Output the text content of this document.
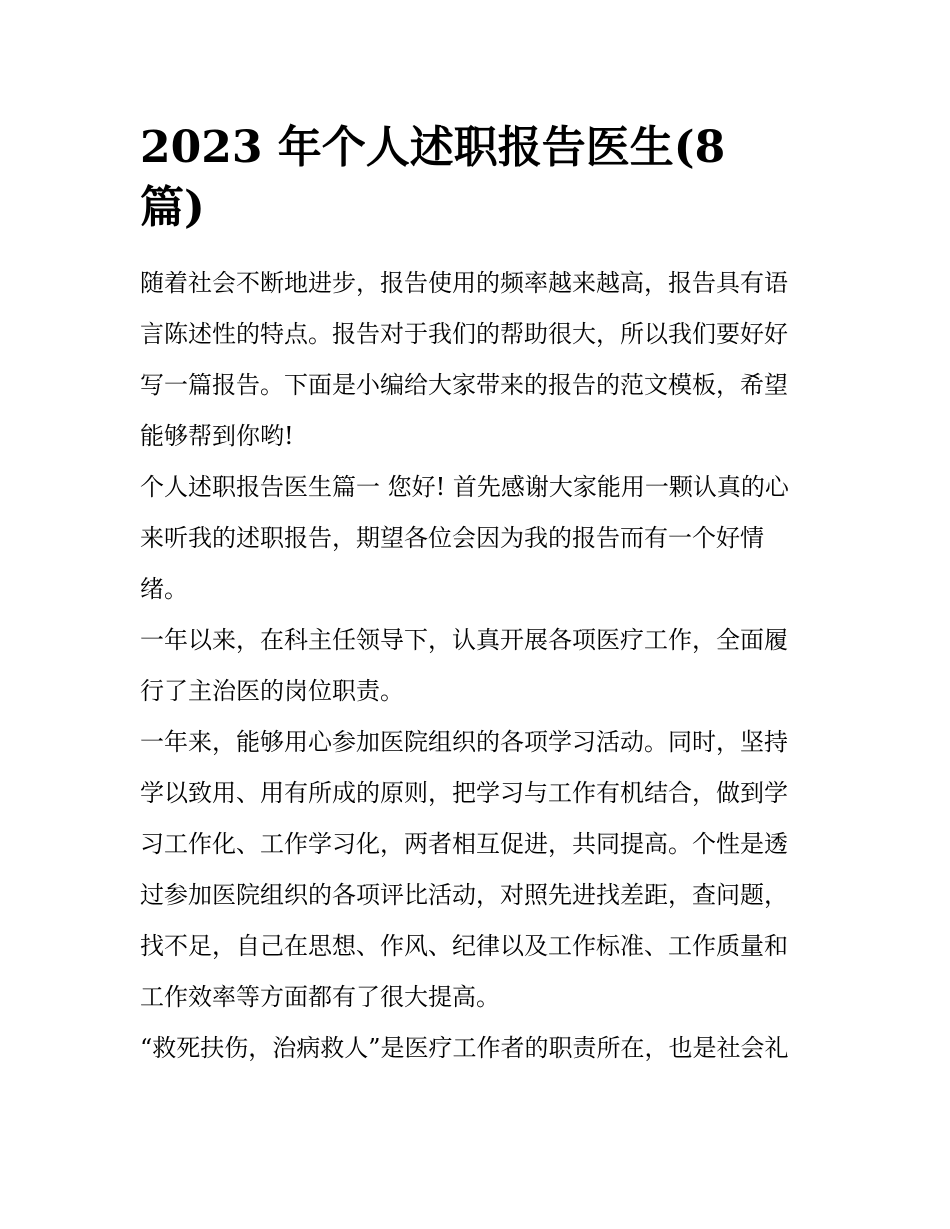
2023 年个人述职报告医生(8
篇)

随着社会不断地进步，报告使用的频率越来越高，报告具有语
言陈述性的特点。报告对于我们的帮助很大，所以我们要好好
写一篇报告。下面是小编给大家带来的报告的范文模板，希望
能够帮到你哟!

个人述职报告医生篇一 您好! 首先感谢大家能用一颗认真的心
来听我的述职报告，期望各位会因为我的报告而有一个好情
绪。

一年以来，在科主任领导下，认真开展各项医疗工作，全面履
行了主治医的岗位职责。

一年来，能够用心参加医院组织的各项学习活动。同时，坚持
学以致用、用有所成的原则，把学习与工作有机结合，做到学
习工作化、工作学习化，两者相互促进，共同提高。个性是透
过参加医院组织的各项评比活动，对照先进找差距，查问题，
找不足，自己在思想、作风、纪律以及工作标准、工作质量和
工作效率等方面都有了很大提高。

“救死扶伤，治病救人”是医疗工作者的职责所在，也是社会礼
